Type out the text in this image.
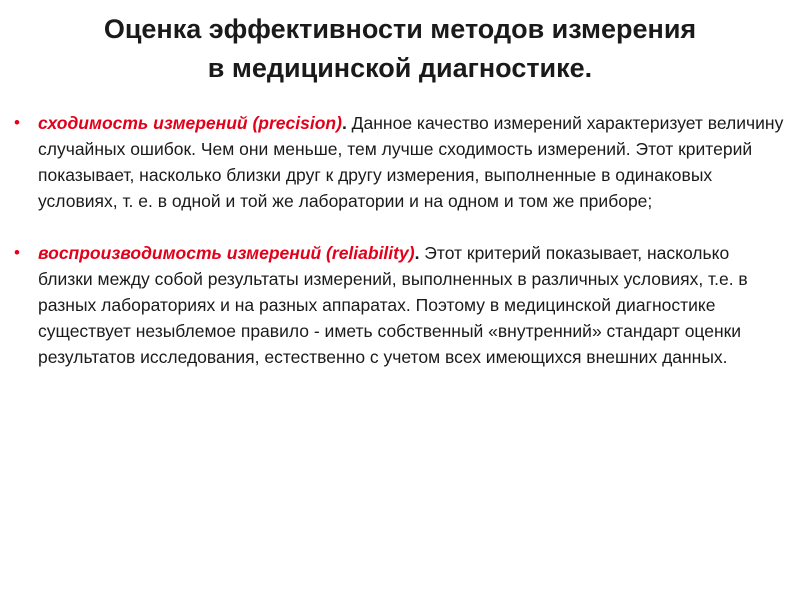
Оценка эффективности методов измерения
в медицинской диагностике.
• сходимость измерений (precision). Данное качество измерений характеризует величину случайных ошибок. Чем они меньше, тем лучше сходимость измерений. Этот критерий показывает, насколько близки друг к другу измерения, выполненные в одинаковых условиях, т. е. в одной и той же лаборатории и на одном и том же приборе;
• воспроизводимость измерений (reliability). Этот критерий показывает, насколько близки между собой результаты измерений, выполненных в различных условиях, т.е. в разных лабораториях и на разных аппаратах. Поэтому в медицинской диагностике существует незыблемое правило - иметь собственный «внутренний» стандарт оценки результатов исследования, естественно с учетом всех имеющихся внешних данных.
